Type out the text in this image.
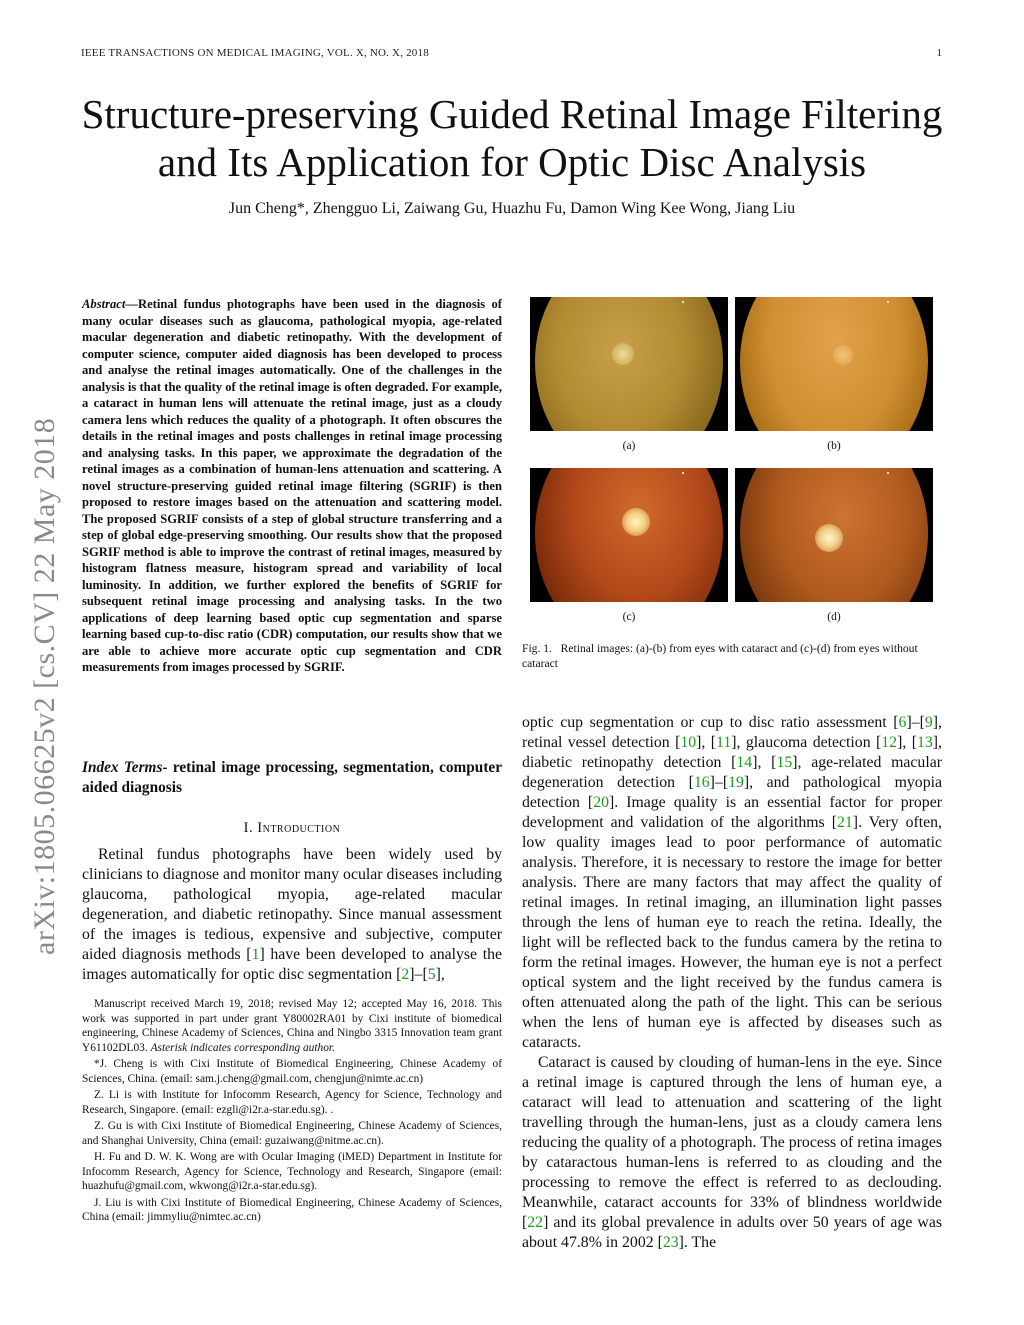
IEEE TRANSACTIONS ON MEDICAL IMAGING, VOL. X, NO. X, 2018	1
Structure-preserving Guided Retinal Image Filtering
and Its Application for Optic Disc Analysis
Jun Cheng*, Zhengguo Li, Zaiwang Gu, Huazhu Fu, Damon Wing Kee Wong, Jiang Liu
arXiv:1805.06625v2 [cs.CV] 22 May 2018
Abstract—Retinal fundus photographs have been used in the diagnosis of many ocular diseases such as glaucoma, pathological myopia, age-related macular degeneration and diabetic retinopathy. With the development of computer science, computer aided diagnosis has been developed to process and analyse the retinal images automatically. One of the challenges in the analysis is that the quality of the retinal image is often degraded. For example, a cataract in human lens will attenuate the retinal image, just as a cloudy camera lens which reduces the quality of a photograph. It often obscures the details in the retinal images and posts challenges in retinal image processing and analysing tasks. In this paper, we approximate the degradation of the retinal images as a combination of human-lens attenuation and scattering. A novel structure-preserving guided retinal image filtering (SGRIF) is then proposed to restore images based on the attenuation and scattering model. The proposed SGRIF consists of a step of global structure transferring and a step of global edge-preserving smoothing. Our results show that the proposed SGRIF method is able to improve the contrast of retinal images, measured by histogram flatness measure, histogram spread and variability of local luminosity. In addition, we further explored the benefits of SGRIF for subsequent retinal image processing and analysing tasks. In the two applications of deep learning based optic cup segmentation and sparse learning based cup-to-disc ratio (CDR) computation, our results show that we are able to achieve more accurate optic cup segmentation and CDR measurements from images processed by SGRIF.
Index Terms- retinal image processing, segmentation, computer aided diagnosis
I. Introduction

Retinal fundus photographs have been widely used by clinicians to diagnose and monitor many ocular diseases including glaucoma, pathological myopia, age-related macular degeneration, and diabetic retinopathy. Since manual assessment of the images is tedious, expensive and subjective, computer aided diagnosis methods [1] have been developed to analyse the images automatically for optic disc segmentation [2]–[5],

Manuscript received March 19, 2018; revised May 12; accepted May 16, 2018. This work was supported in part under grant Y80002RA01 by Cixi institute of biomedical engineering, Chinese Academy of Sciences, China and Ningbo 3315 Innovation team grant Y61102DL03. Asterisk indicates corresponding author.

*J. Cheng is with Cixi Institute of Biomedical Engineering, Chinese Academy of Sciences, China. (email: sam.j.cheng@gmail.com, chengjun@nimte.ac.cn)

Z. Li is with Institute for Infocomm Research, Agency for Science, Technology and Research, Singapore. (email: ezgli@i2r.a-star.edu.sg). .

Z. Gu is with Cixi Institute of Biomedical Engineering, Chinese Academy of Sciences, and Shanghai University, China (email: guzaiwang@nitme.ac.cn).

H. Fu and D. W. K. Wong are with Ocular Imaging (iMED) Department in Institute for Infocomm Research, Agency for Science, Technology and Research, Singapore (email: huazhufu@gmail.com, wkwong@i2r.a-star.edu.sg).

J. Liu is with Cixi Institute of Biomedical Engineering, Chinese Academy of Sciences, China (email: jimmyliu@nimtec.ac.cn)

(a)	(b)
(c)	(d)
Fig. 1. Retinal images: (a)-(b) from eyes with cataract and (c)-(d) from eyes without cataract

optic cup segmentation or cup to disc ratio assessment [6]–[9], retinal vessel detection [10], [11], glaucoma detection [12], [13], diabetic retinopathy detection [14], [15], age-related macular degeneration detection [16]–[19], and pathological myopia detection [20]. Image quality is an essential factor for proper development and validation of the algorithms [21]. Very often, low quality images lead to poor performance of automatic analysis. Therefore, it is necessary to restore the image for better analysis. There are many factors that may affect the quality of retinal images. In retinal imaging, an illumination light passes through the lens of human eye to reach the retina. Ideally, the light will be reflected back to the fundus camera by the retina to form the retinal images. However, the human eye is not a perfect optical system and the light received by the fundus camera is often attenuated along the path of the light. This can be serious when the lens of human eye is affected by diseases such as cataracts.

Cataract is caused by clouding of human-lens in the eye. Since a retinal image is captured through the lens of human eye, a cataract will lead to attenuation and scattering of the light travelling through the human-lens, just as a cloudy camera lens reducing the quality of a photograph. The process of retina images by cataractous human-lens is referred to as clouding and the processing to remove the effect is referred to as declouding. Meanwhile, cataract accounts for 33% of blindness worldwide [22] and its global prevalence in adults over 50 years of age was about 47.8% in 2002 [23]. The
